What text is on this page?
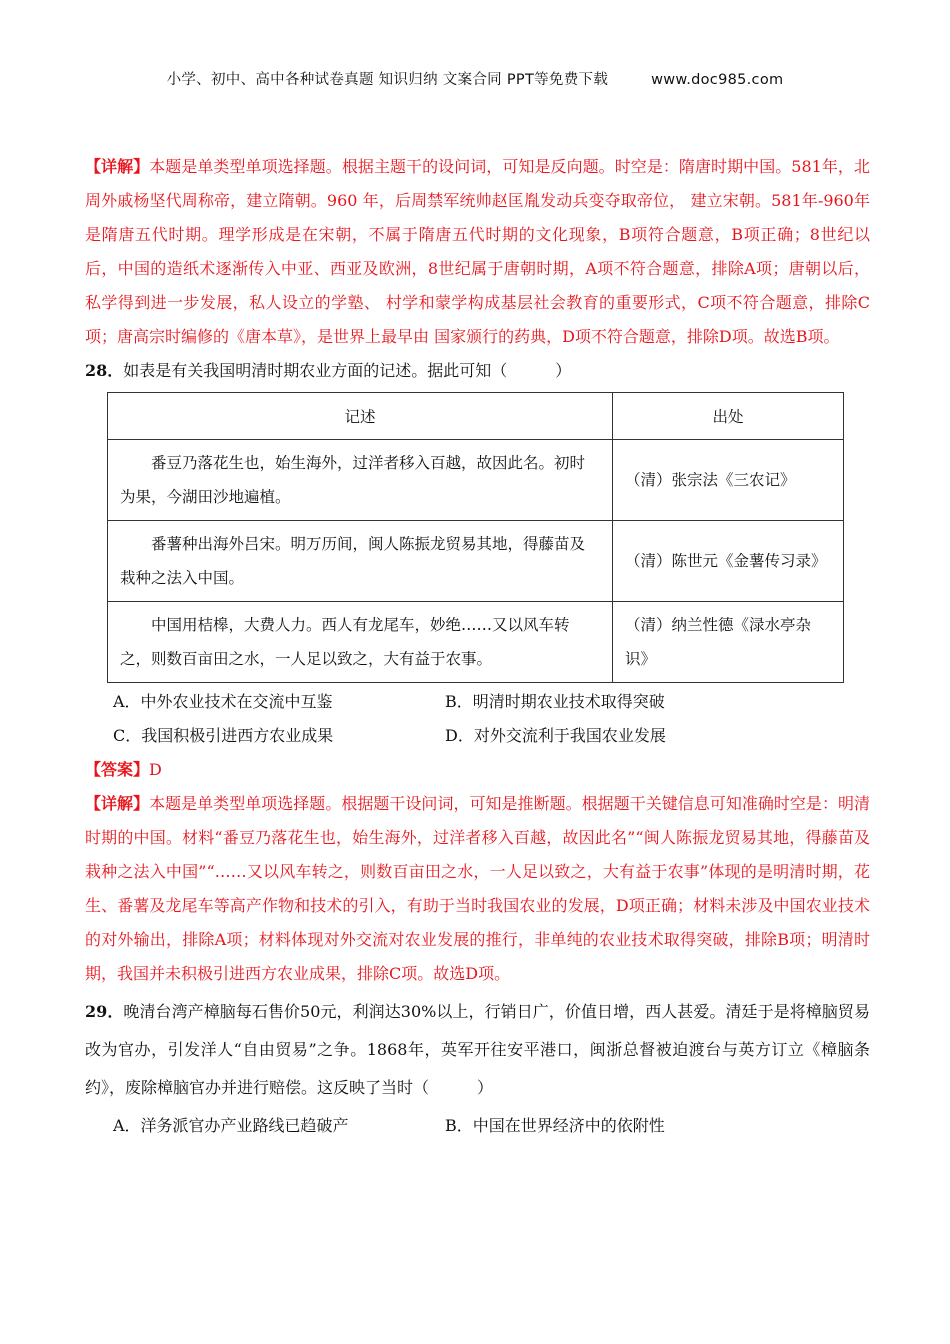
小学、初中、高中各种试卷真题 知识归纳 文案合同 PPT等免费下载	www.doc985.com

【详解】本题是单类型单项选择题。根据主题干的设问词，可知是反向题。时空是：隋唐时期中国。581年，北周外戚杨坚代周称帝，建立隋朝。960 年，后周禁军统帅赵匡胤发动兵变夺取帝位， 建立宋朝。581年-960年是隋唐五代时期。理学形成是在宋朝，不属于隋唐五代时期的文化现象，B项符合题意，B项正确；8世纪以后，中国的造纸术逐渐传入中亚、西亚及欧洲，8世纪属于唐朝时期，A项不符合题意，排除A项；唐朝以后，私学得到进一步发展，私人设立的学塾、 村学和蒙学构成基层社会教育的重要形式，C项不符合题意，排除C项；唐高宗时编修的《唐本草》，是世界上最早由 国家颁行的药典，D项不符合题意，排除D项。故选B项。

28．如表是有关我国明清时期农业方面的记述。据此可知（　　　）

记述	出处
番豆乃落花生也，始生海外，过洋者移入百越，故因此名。初时为果，今湖田沙地遍植。	（清）张宗法《三农记》
番薯种出海外吕宋。明万历间，闽人陈振龙贸易其地，得藤苗及栽种之法入中国。	（清）陈世元《金薯传习录》
中国用桔槔，大费人力。西人有龙尾车，妙绝……又以风车转之，则数百亩田之水，一人足以致之，大有益于农事。	（清）纳兰性德《渌水亭杂识》
A．中外农业技术在交流中互鉴	B．明清时期农业技术取得突破
C．我国积极引进西方农业成果	D．对外交流利于我国农业发展

【答案】D

【详解】本题是单类型单项选择题。根据题干设问词，可知是推断题。根据题干关键信息可知准确时空是：明清时期的中国。材料“番豆乃落花生也，始生海外，过洋者移入百越，故因此名”“闽人陈振龙贸易其地，得藤苗及栽种之法入中国”“……又以风车转之，则数百亩田之水，一人足以致之，大有益于农事”体现的是明清时期，花生、番薯及龙尾车等高产作物和技术的引入，有助于当时我国农业的发展，D项正确；材料未涉及中国农业技术的对外输出，排除A项；材料体现对外交流对农业发展的推行，非单纯的农业技术取得突破，排除B项；明清时期，我国并未积极引进西方农业成果，排除C项。故选D项。

29．晚清台湾产樟脑每石售价50元，利润达30%以上，行销日广，价值日增，西人甚爱。清廷于是将樟脑贸易改为官办，引发洋人“自由贸易”之争。1868年，英军开往安平港口，闽浙总督被迫渡台与英方订立《樟脑条约》，废除樟脑官办并进行赔偿。这反映了当时（　　　）

A．洋务派官办产业路线已趋破产	B．中国在世界经济中的依附性
